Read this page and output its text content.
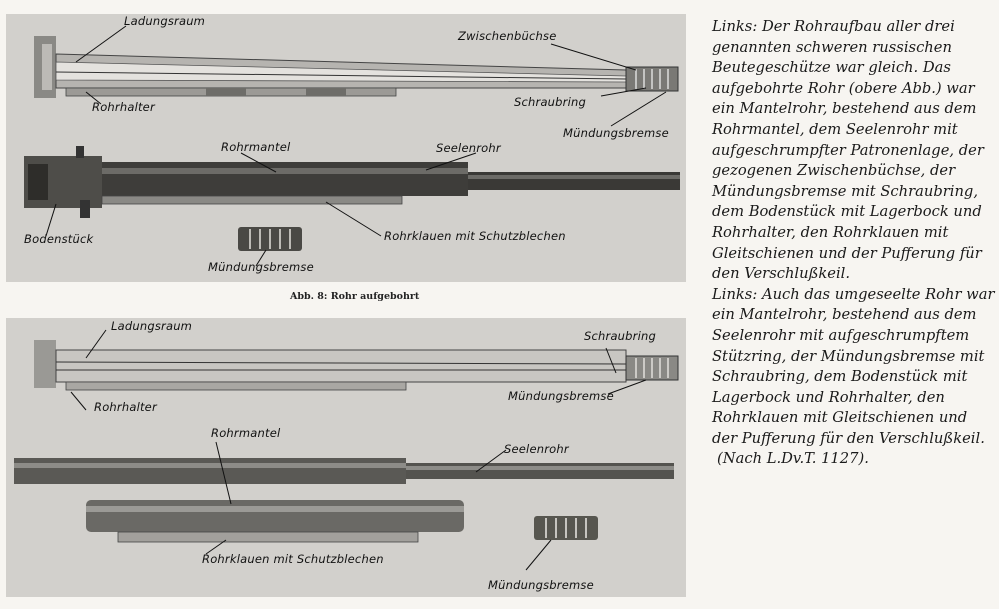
Ladungsraum
Zwischenbüchse
Schraubring
Rohrhalter
Mündungsbremse
Rohrmantel	Seelenrohr
Bodenstück	Rohrklauen mit Schutzblechen
Mündungsbremse
Abb. 8: Rohr aufgebohrt
Ladungsraum
Schraubring
Rohrhalter
Mündungsbremse
Rohrmantel
Seelenrohr
Rohrklauen mit Schutzblechen
Mündungsbremse

Links: Der Rohraufbau aller drei genannten schweren russischen Beutegeschütze war gleich. Das aufgebohrte Rohr (obere Abb.) war ein Mantelrohr, bestehend aus dem Rohrmantel, dem Seelenrohr mit aufgeschrumpfter Patronenlage, der gezogenen Zwischenbüchse, der Mündungsbremse mit Schraubring, dem Bodenstück mit Lagerbock und Rohrhalter, den Rohrklauen mit Gleitschienen und der Pufferung für den Verschlußkeil.

Links: Auch das umgeseelte Rohr war ein Mantelrohr, bestehend aus dem Seelenrohr mit aufgeschrumpftem Stützring, der Mündungsbremse mit Schraubring, dem Bodenstück mit Lagerbock und Rohrhalter, den Rohrklauen mit Gleitschienen und der Pufferung für den Verschlußkeil.

(Nach L.Dv.T. 1127).
